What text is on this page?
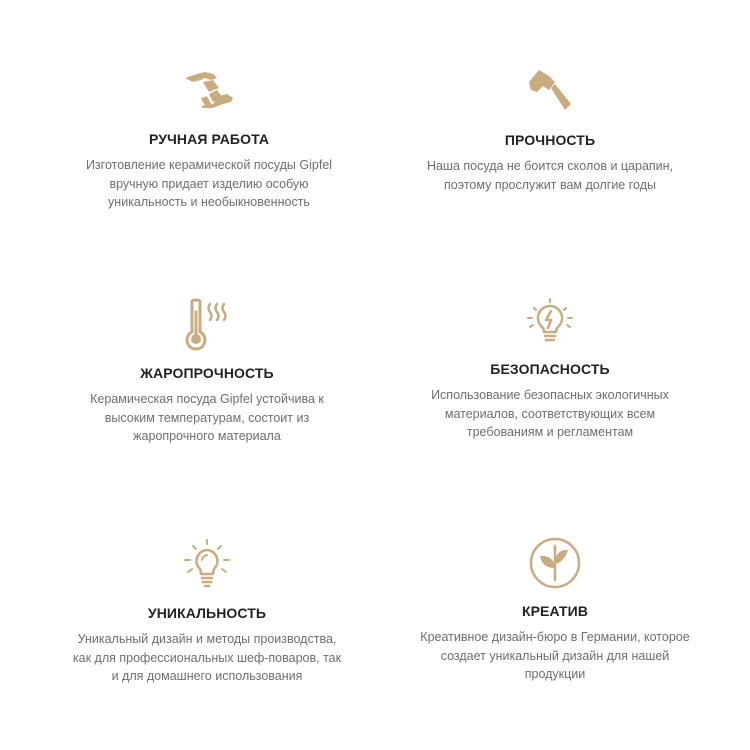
РУЧНАЯ РАБОТА

Изготовление керамической посуды Gipfel
вручную придает изделию особую
уникальность и необыкновенность

ПРОЧНОСТЬ

Наша посуда не боится сколов и царапин,
поэтому прослужит вам долгие годы

ЖАРОПРОЧНОСТЬ

Керамическая посуда Gipfel устойчива к
высоким температурам, состоит из
жаропрочного материала

БЕЗОПАСНОСТЬ

Использование безопасных экологичных
материалов, соответствующих всем
требованиям и регламентам

УНИКАЛЬНОСТЬ

Уникальный дизайн и методы производства,
как для профессиональных шеф-поваров, так
и для домашнего использования

КРЕАТИВ

Креативное дизайн-бюро в Германии, которое
создает уникальный дизайн для нашей
продукции
